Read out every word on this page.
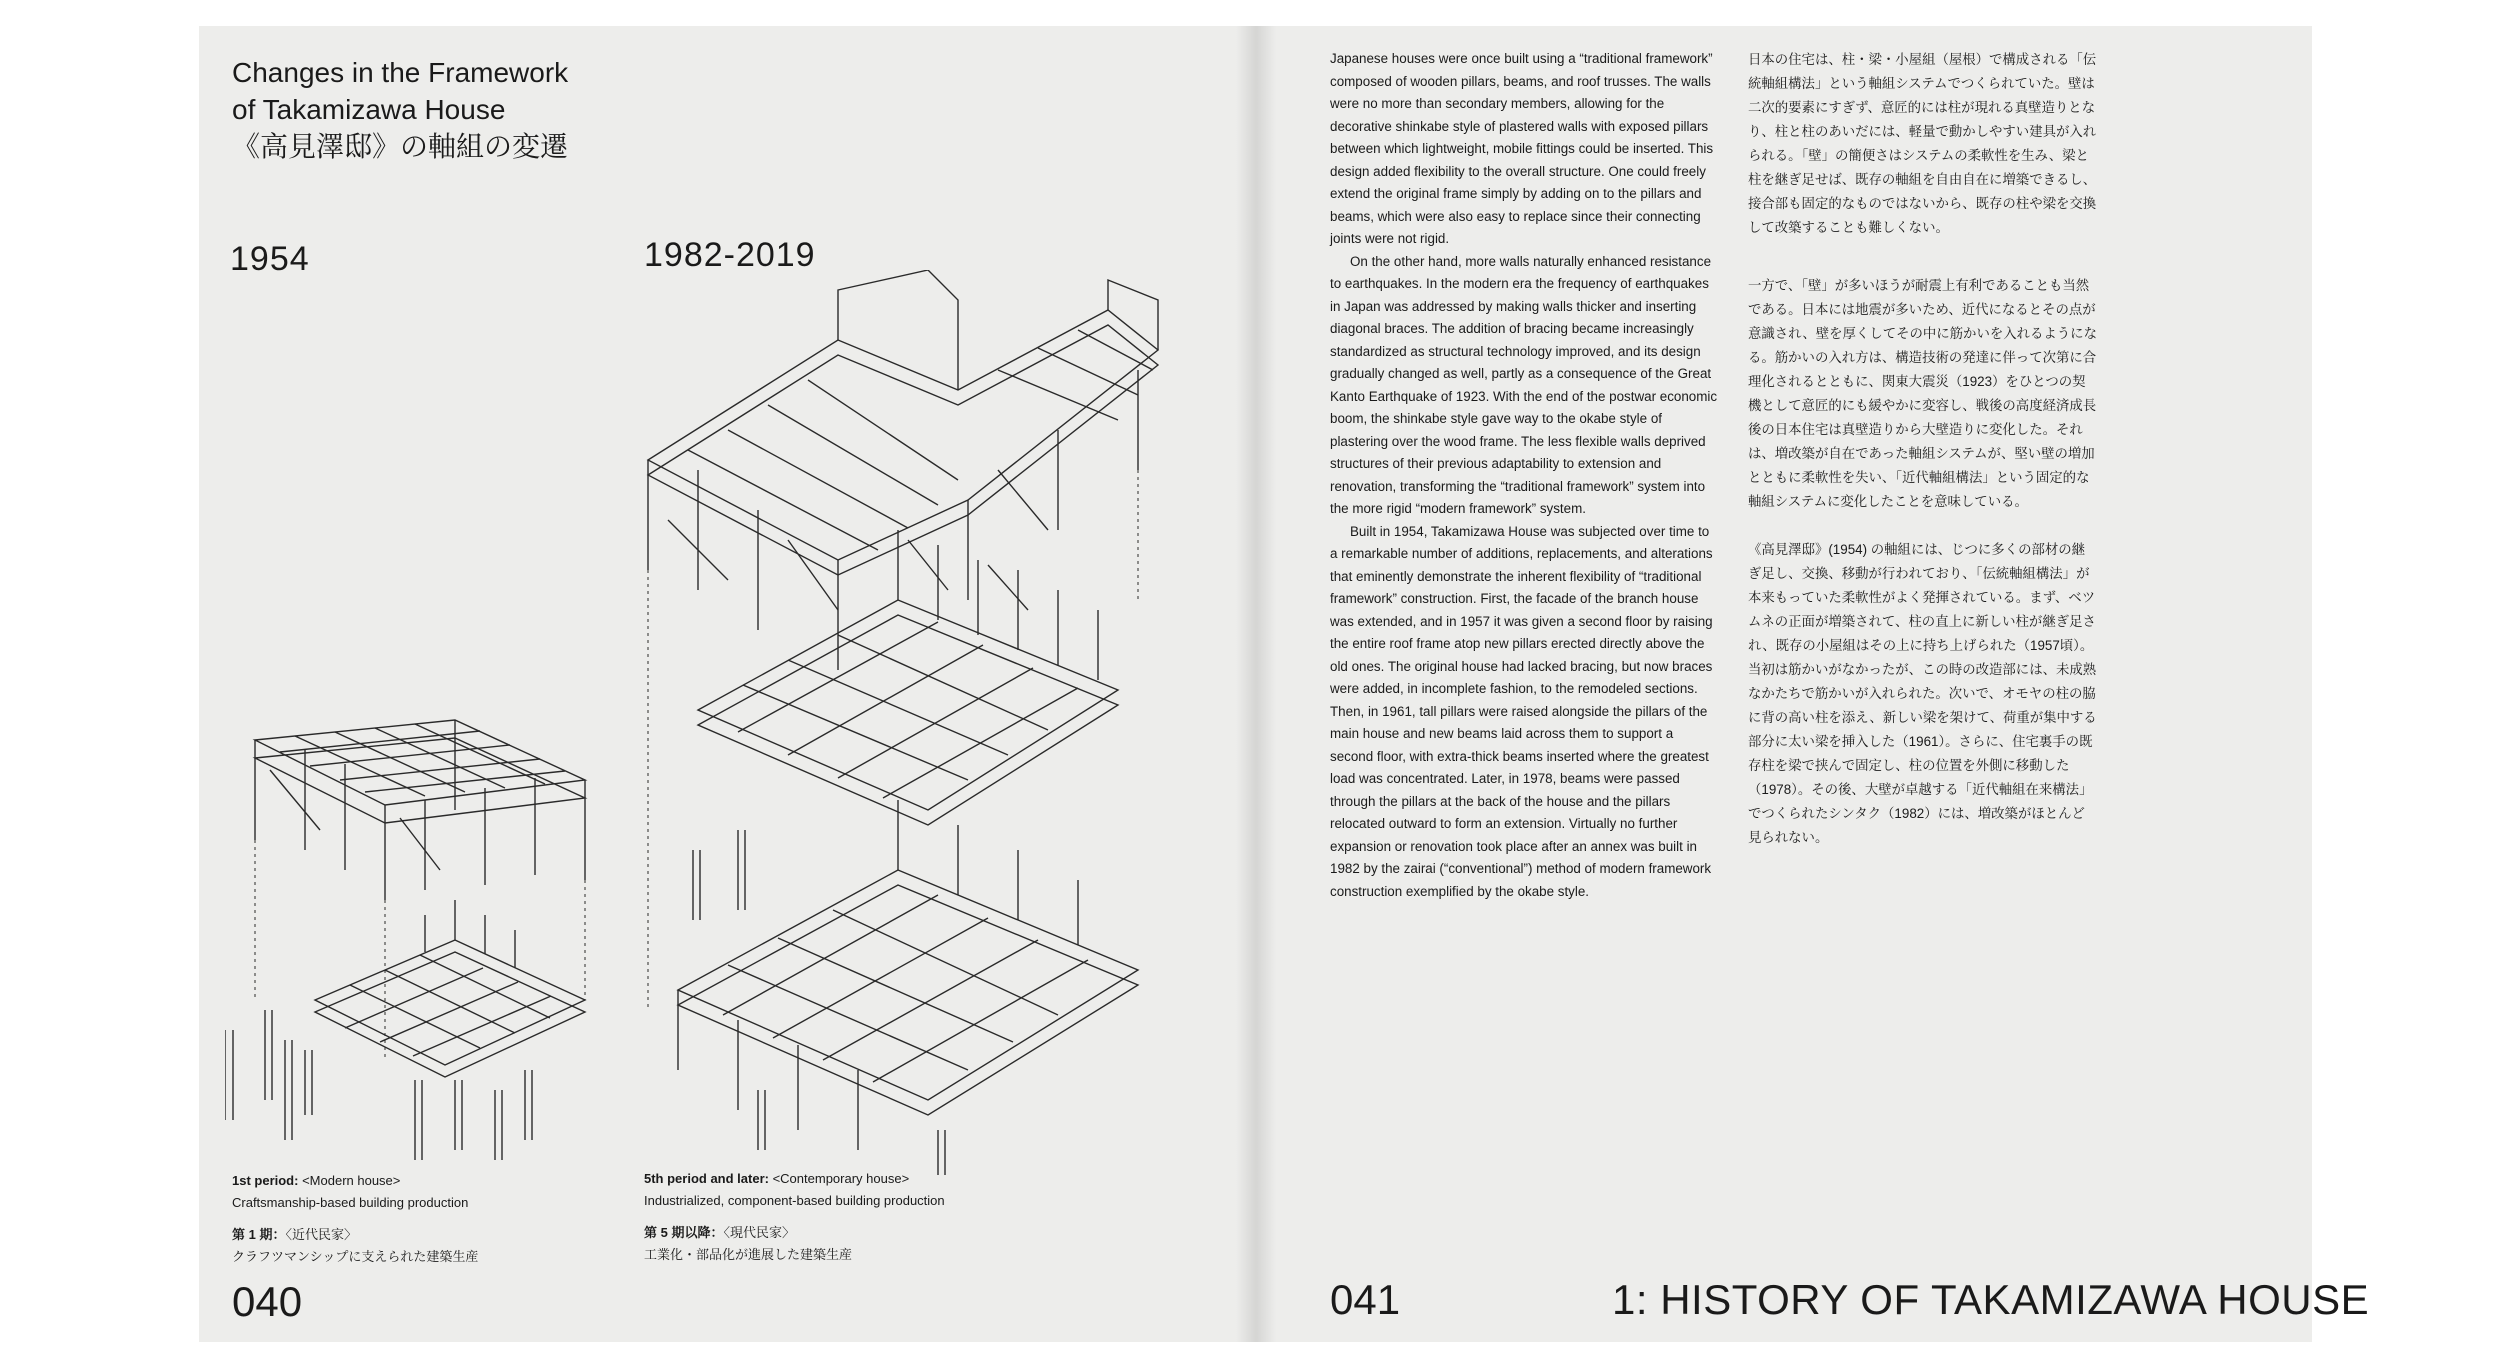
Changes in the Framework
of Takamizawa House
《高見澤邸》の軸組の変遷
1954	1982-2019
1st period: <Modern house>
Craftsmanship-based building production
第 1 期：〈近代民家〉
クラフツマンシップに支えられた建築生産
5th period and later: <Contemporary house>
Industrialized, component-based building production
第 5 期以降：〈現代民家〉
工業化・部品化が進展した建築生産
040

Japanese houses were once built using a “traditional framework” composed of wooden pillars, beams, and roof trusses. The walls were no more than secondary members, allowing for the decorative shinkabe style of plastered walls with exposed pillars between which lightweight, mobile fittings could be inserted. This design added flexibility to the overall structure. One could freely extend the original frame simply by adding on to the pillars and beams, which were also easy to replace since their connecting joints were not rigid.

On the other hand, more walls naturally enhanced resistance to earthquakes. In the modern era the frequency of earthquakes in Japan was addressed by making walls thicker and inserting diagonal braces. The addition of bracing became increasingly standardized as structural technology improved, and its design gradually changed as well, partly as a consequence of the Great Kanto Earthquake of 1923. With the end of the postwar economic boom, the shinkabe style gave way to the okabe style of plastering over the wood frame. The less flexible walls deprived structures of their previous adaptability to extension and renovation, transforming the “traditional framework” system into the more rigid “modern framework” system.

Built in 1954, Takamizawa House was subjected over time to a remarkable number of additions, replacements, and alterations that eminently demonstrate the inherent flexibility of “traditional framework” construction. First, the facade of the branch house was extended, and in 1957 it was given a second floor by raising the entire roof frame atop new pillars erected directly above the old ones. The original house had lacked bracing, but now braces were added, in incomplete fashion, to the remodeled sections. Then, in 1961, tall pillars were raised alongside the pillars of the main house and new beams laid across them to support a second floor, with extra-thick beams inserted where the greatest load was concentrated. Later, in 1978, beams were passed through the pillars at the back of the house and the pillars relocated outward to form an extension. Virtually no further expansion or renovation took place after an annex was built in 1982 by the zairai (“conventional”) method of modern framework construction exemplified by the okabe style.

日本の住宅は、柱・梁・小屋組（屋根）で構成される「伝統軸組構法」という軸組システムでつくられていた。壁は二次的要素にすぎず、意匠的には柱が現れる真壁造りとなり、柱と柱のあいだには、軽量で動かしやすい建具が入れられる。「壁」の簡便さはシステムの柔軟性を生み、梁と柱を継ぎ足せば、既存の軸組を自由自在に増築できるし、接合部も固定的なものではないから、既存の柱や梁を交換して改築することも難しくない。

一方で、「壁」が多いほうが耐震上有利であることも当然である。日本には地震が多いため、近代になるとその点が意識され、壁を厚くしてその中に筋かいを入れるようになる。筋かいの入れ方は、構造技術の発達に伴って次第に合理化されるとともに、関東大震災（1923）をひとつの契機として意匠的にも緩やかに変容し、戦後の高度経済成長後の日本住宅は真壁造りから大壁造りに変化した。それは、増改築が自在であった軸組システムが、堅い壁の増加とともに柔軟性を失い、「近代軸組構法」という固定的な軸組システムに変化したことを意味している。

《高見澤邸》(1954) の軸組には、じつに多くの部材の継ぎ足し、交換、移動が行われており、「伝統軸組構法」が本来もっていた柔軟性がよく発揮されている。まず、ベツムネの正面が増築されて、柱の直上に新しい柱が継ぎ足され、既存の小屋組はその上に持ち上げられた（1957頃）。当初は筋かいがなかったが、この時の改造部には、未成熟なかたちで筋かいが入れられた。次いで、オモヤの柱の脇に背の高い柱を添え、新しい梁を架けて、荷重が集中する部分に太い梁を挿入した（1961）。さらに、住宅裏手の既存柱を梁で挟んで固定し、柱の位置を外側に移動した（1978）。その後、大壁が卓越する「近代軸組在来構法」でつくられたシンタク（1982）には、増改築がほとんど見られない。

041	1: HISTORY OF TAKAMIZAWA HOUSE
